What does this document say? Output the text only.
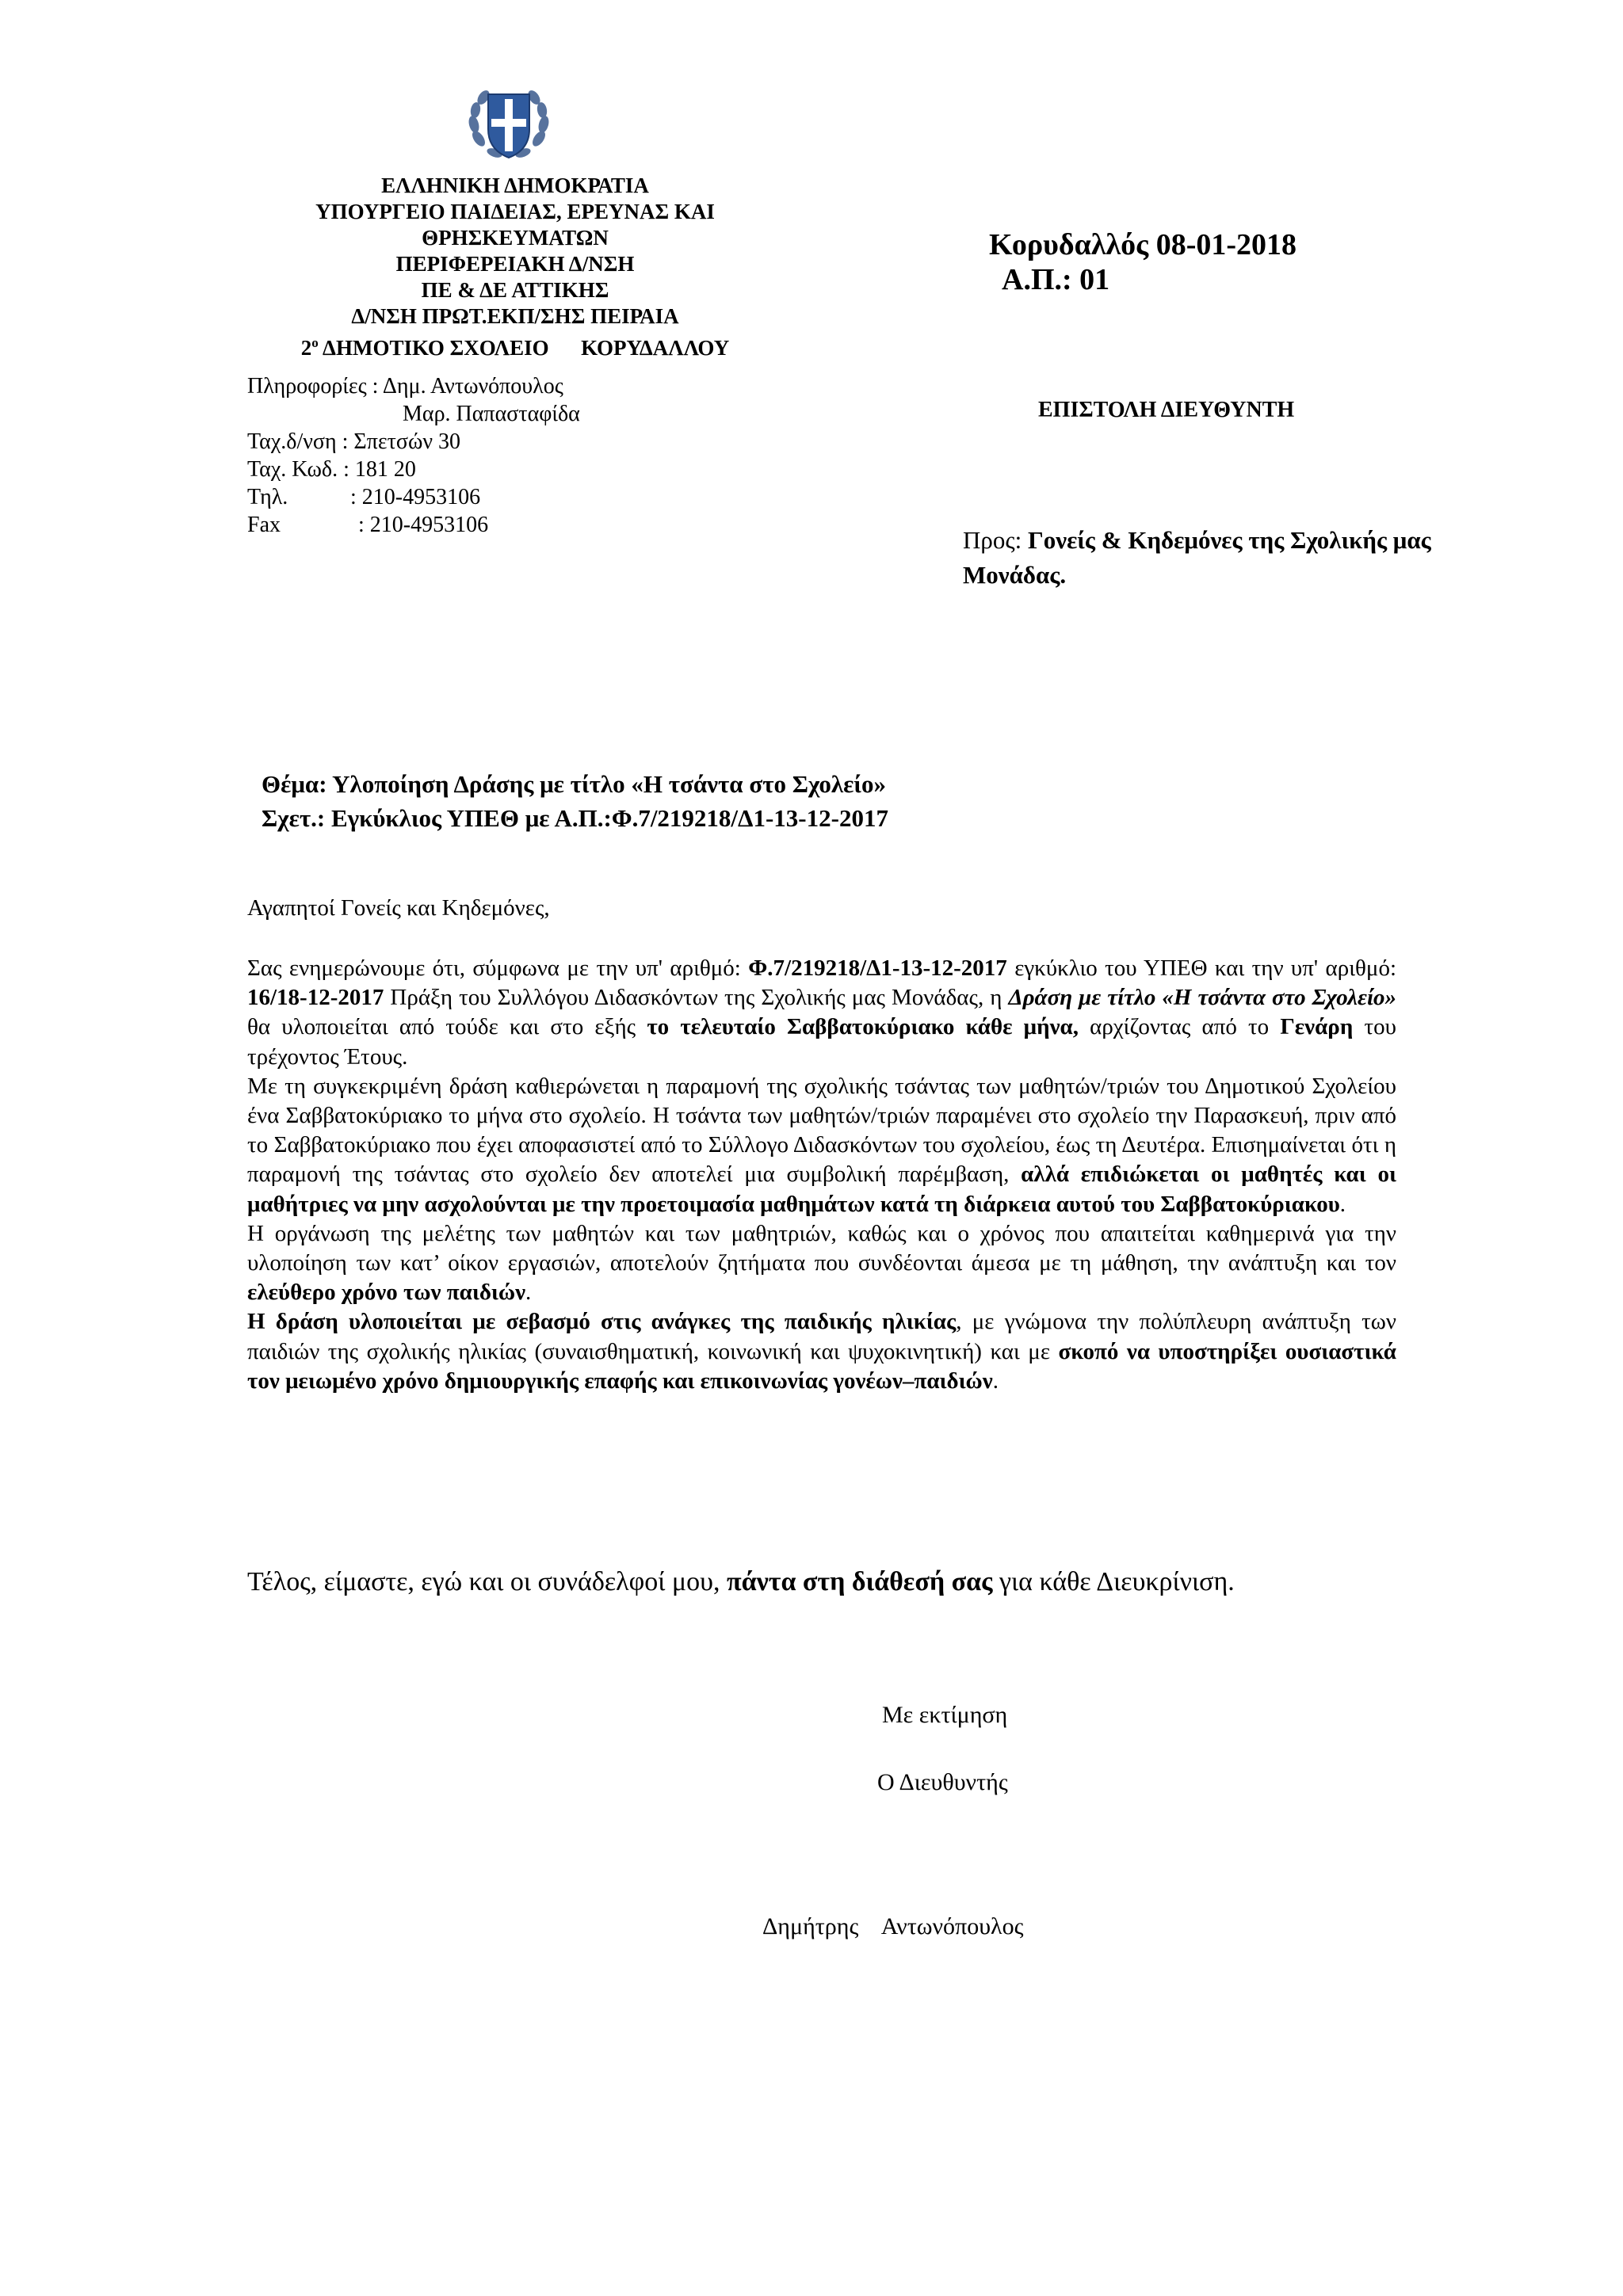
ΕΛΛΗΝΙΚΗ ΔΗΜΟΚΡΑΤΙΑ
ΥΠΟΥΡΓΕΙΟ ΠΑΙΔΕΙΑΣ, ΕΡΕΥΝΑΣ ΚΑΙ
ΘΡΗΣΚΕΥΜΑΤΩΝ
ΠΕΡΙΦΕΡΕΙΑΚΗ Δ/ΝΣΗ
ΠΕ & ΔΕ ΑΤΤΙΚΗΣ
Δ/ΝΣΗ ΠΡΩΤ.ΕΚΠ/ΣΗΣ ΠΕΙΡΑΙΑ
$2^o$ ΔΗΜΟΤΙΚΟ ΣΧΟΛΕΙΟ      ΚΟΡΥΔΑΛΛΟΥ
Πληροφορίες : Δημ. Αντωνόπουλος
Μαρ. Παπασταφίδα
Ταχ.δ/νση : Σπετσών 30
Ταχ. Κωδ. : 181 20
Τηλ.	: 210-4953106
Fax	: 210-4953106
Κορυδαλλός 08-01-2018
Α.Π.: 01
ΕΠΙΣΤΟΛΗ ΔΙΕΥΘΥΝΤΗ
Προς: Γονείς & Κηδεμόνες της Σχολικής μας Μονάδας.
Θέμα: Υλοποίηση Δράσης με τίτλο «Η τσάντα στο Σχολείο»
Σχετ.: Εγκύκλιος ΥΠΕΘ με Α.Π.:Φ.7/219218/Δ1-13-12-2017
Αγαπητοί Γονείς και Κηδεμόνες,

Σας ενημερώνουμε ότι, σύμφωνα με την υπ' αριθμό: Φ.7/219218/Δ1-13-12-2017 εγκύκλιο του ΥΠΕΘ και την υπ' αριθμό: 16/18-12-2017 Πράξη του Συλλόγου Διδασκόντων της Σχολικής μας Μονάδας, η Δράση με τίτλο «Η τσάντα στο Σχολείο» θα υλοποιείται από τούδε και στο εξής το τελευταίο Σαββατοκύριακο κάθε μήνα, αρχίζοντας από το Γενάρη του τρέχοντος Έτους.

Με τη συγκεκριμένη δράση καθιερώνεται η παραμονή της σχολικής τσάντας των μαθητών/τριών του Δημοτικού Σχολείου ένα Σαββατοκύριακο το μήνα στο σχολείο. Η τσάντα των μαθητών/τριών παραμένει στο σχολείο την Παρασκευή, πριν από το Σαββατοκύριακο που έχει αποφασιστεί από το Σύλλογο Διδασκόντων του σχολείου, έως τη Δευτέρα. Επισημαίνεται ότι η παραμονή της τσάντας στο σχολείο δεν αποτελεί μια συμβολική παρέμβαση, αλλά επιδιώκεται οι μαθητές και οι μαθήτριες να μην ασχολούνται με την προετοιμασία μαθημάτων κατά τη διάρκεια αυτού του Σαββατοκύριακου.

Η οργάνωση της μελέτης των μαθητών και των μαθητριών, καθώς και ο χρόνος που απαιτείται καθημερινά για την υλοποίηση των κατ’ οίκον εργασιών, αποτελούν ζητήματα που συνδέονται άμεσα με τη μάθηση, την ανάπτυξη και τον ελεύθερο χρόνο των παιδιών.

Η δράση υλοποιείται με σεβασμό στις ανάγκες της παιδικής ηλικίας, με γνώμονα την πολύπλευρη ανάπτυξη των παιδιών της σχολικής ηλικίας (συναισθηματική, κοινωνική και ψυχοκινητική) και με σκοπό να υποστηρίξει ουσιαστικά τον μειωμένο χρόνο δημιουργικής επαφής και επικοινωνίας γονέων–παιδιών.

Τέλος, είμαστε, εγώ και οι συνάδελφοί μου, πάντα στη διάθεσή σας για κάθε Διευκρίνιση.
Με εκτίμηση
Ο Διευθυντής
Δημήτρης    Αντωνόπουλος
